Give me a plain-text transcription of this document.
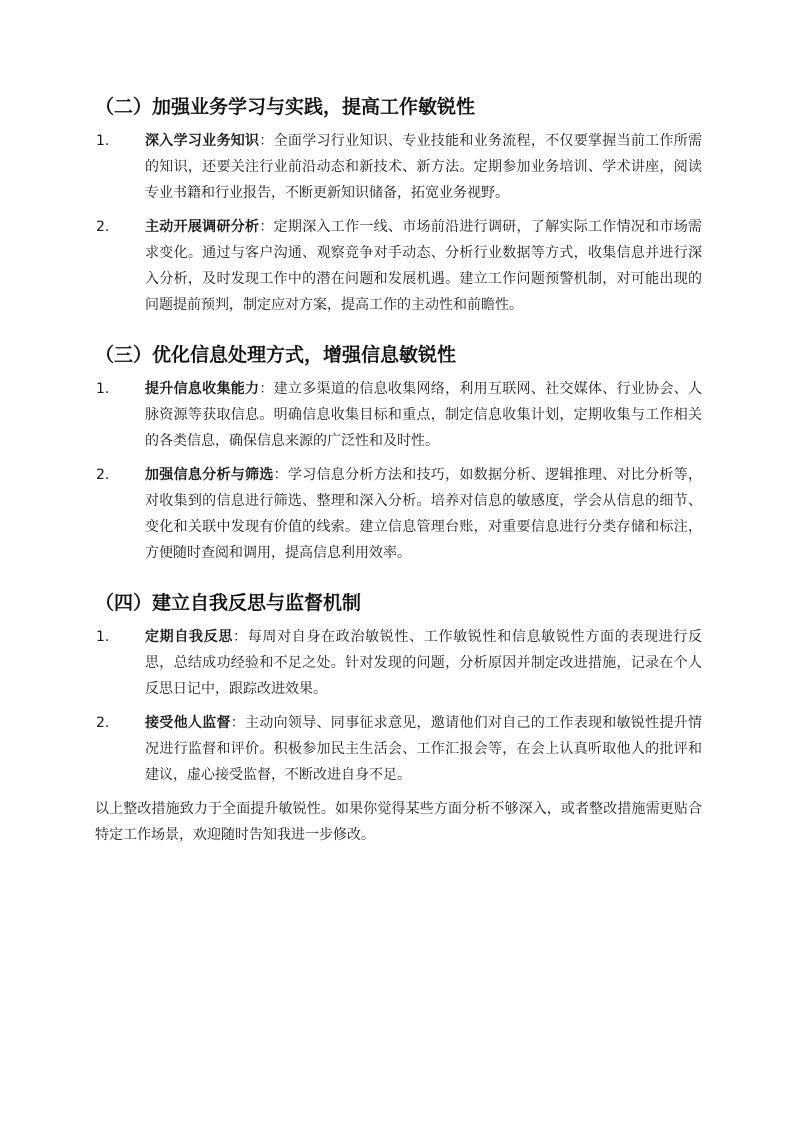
（二）加强业务学习与实践，提高工作敏锐性
1.	深入学习业务知识：全面学习行业知识、专业技能和业务流程，不仅要掌握当前工作所需的知识，还要关注行业前沿动态和新技术、新方法。定期参加业务培训、学术讲座，阅读专业书籍和行业报告，不断更新知识储备，拓宽业务视野。
2.	主动开展调研分析：定期深入工作一线、市场前沿进行调研，了解实际工作情况和市场需求变化。通过与客户沟通、观察竞争对手动态、分析行业数据等方式，收集信息并进行深入分析，及时发现工作中的潜在问题和发展机遇。建立工作问题预警机制，对可能出现的问题提前预判，制定应对方案，提高工作的主动性和前瞻性。
（三）优化信息处理方式，增强信息敏锐性
1.	提升信息收集能力：建立多渠道的信息收集网络，利用互联网、社交媒体、行业协会、人脉资源等获取信息。明确信息收集目标和重点，制定信息收集计划，定期收集与工作相关的各类信息，确保信息来源的广泛性和及时性。
2.	加强信息分析与筛选：学习信息分析方法和技巧，如数据分析、逻辑推理、对比分析等，对收集到的信息进行筛选、整理和深入分析。培养对信息的敏感度，学会从信息的细节、变化和关联中发现有价值的线索。建立信息管理台账，对重要信息进行分类存储和标注，方便随时查阅和调用，提高信息利用效率。
（四）建立自我反思与监督机制
1.	定期自我反思：每周对自身在政治敏锐性、工作敏锐性和信息敏锐性方面的表现进行反思，总结成功经验和不足之处。针对发现的问题，分析原因并制定改进措施，记录在个人反思日记中，跟踪改进效果。
2.	接受他人监督：主动向领导、同事征求意见，邀请他们对自己的工作表现和敏锐性提升情况进行监督和评价。积极参加民主生活会、工作汇报会等，在会上认真听取他人的批评和建议，虚心接受监督，不断改进自身不足。
以上整改措施致力于全面提升敏锐性。如果你觉得某些方面分析不够深入，或者整改措施需更贴合特定工作场景，欢迎随时告知我进一步修改。
